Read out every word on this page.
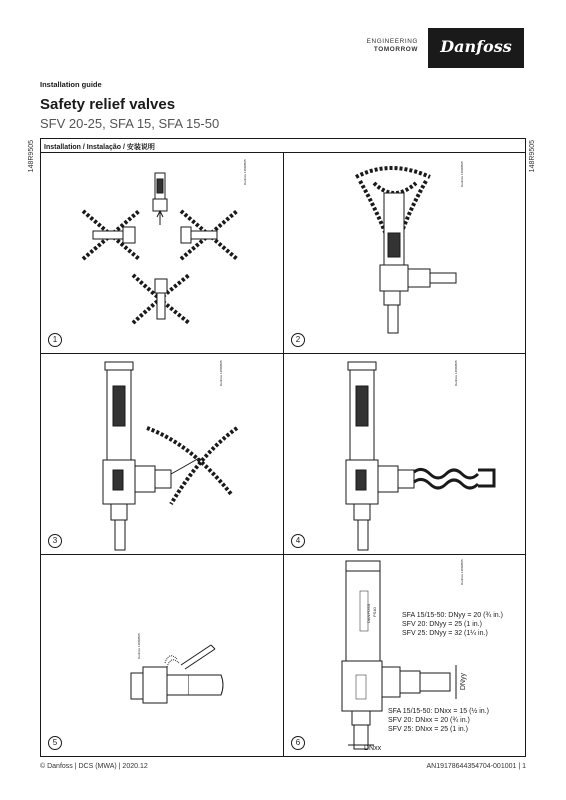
ENGINEERING
TOMORROW	Danfoss
Installation guide
Safety relief valves
SFV 20-25, SFA 15, SFA 15-50
148R9505	148R9505
Installation / Instalação / 安装说明
Danfoss 148R9505
1
Danfoss 148R9505
2
Danfoss 148R9505
3
Danfoss 148R9505
4
Danfoss 148R9505
5
Danfoss 148R9505
DANFOSS PS40	SFA 15/15-50: DNyy = 20 (¾ in.)
SFV 20: DNyy = 25 (1 in.)
SFV 25: DNyy = 32 (1¼ in.)
DNyy
SFA 15/15-50: DNxx = 15 (½ in.)
SFV 20: DNxx = 20 (¾ in.)
SFV 25: DNxx = 25 (1 in.)
DNxx
6
© Danfoss | DCS (MWA) | 2020.12	AN19178644354704-001001 | 1
